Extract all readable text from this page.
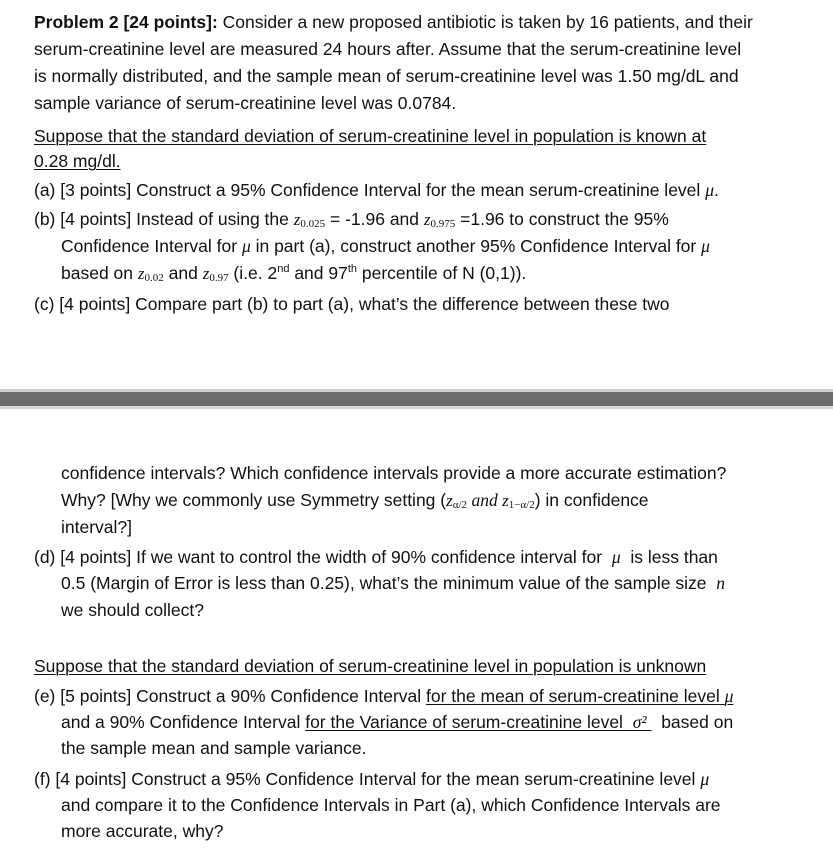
Problem 2 [24 points]: Consider a new proposed antibiotic is taken by 16 patients, and their
serum-creatinine level are measured 24 hours after. Assume that the serum-creatinine level
is normally distributed, and the sample mean of serum-creatinine level was 1.50 mg/dL and
sample variance of serum-creatinine level was 0.0784.
Suppose that the standard deviation of serum-creatinine level in population is known at
0.28 mg/dl.
(a) [3 points] Construct a 95% Confidence Interval for the mean serum-creatinine level μ.
(b) [4 points] Instead of using the $z_{0.025} = -1.96$ and $z_{0.975} =1.96$ to construct the 95%
Confidence Interval for μ in part (a), construct another 95% Confidence Interval for μ
based on $z_{0.02}$ and $z_{0.97}$ (i.e. 2nd and 97th percentile of N (0,1)).
(c) [4 points] Compare part (b) to part (a), what’s the difference between these two
confidence intervals? Which confidence intervals provide a more accurate estimation?
Why? [Why we commonly use Symmetry setting ($z_{\alpha/2}$ and $z_{1-\alpha/2}$) in confidence
interval?]
(d) [4 points] If we want to control the width of 90% confidence interval for μ is less than
0.5 (Margin of Error is less than 0.25), what’s the minimum value of the sample size n
we should collect?
Suppose that the standard deviation of serum-creatinine level in population is unknown
(e) [5 points] Construct a 90% Confidence Interval for the mean of serum-creatinine level μ
and a 90% Confidence Interval for the Variance of serum-creatinine level σ² based on
the sample mean and sample variance.
(f) [4 points] Construct a 95% Confidence Interval for the mean serum-creatinine level μ
and compare it to the Confidence Intervals in Part (a), which Confidence Intervals are
more accurate, why?
